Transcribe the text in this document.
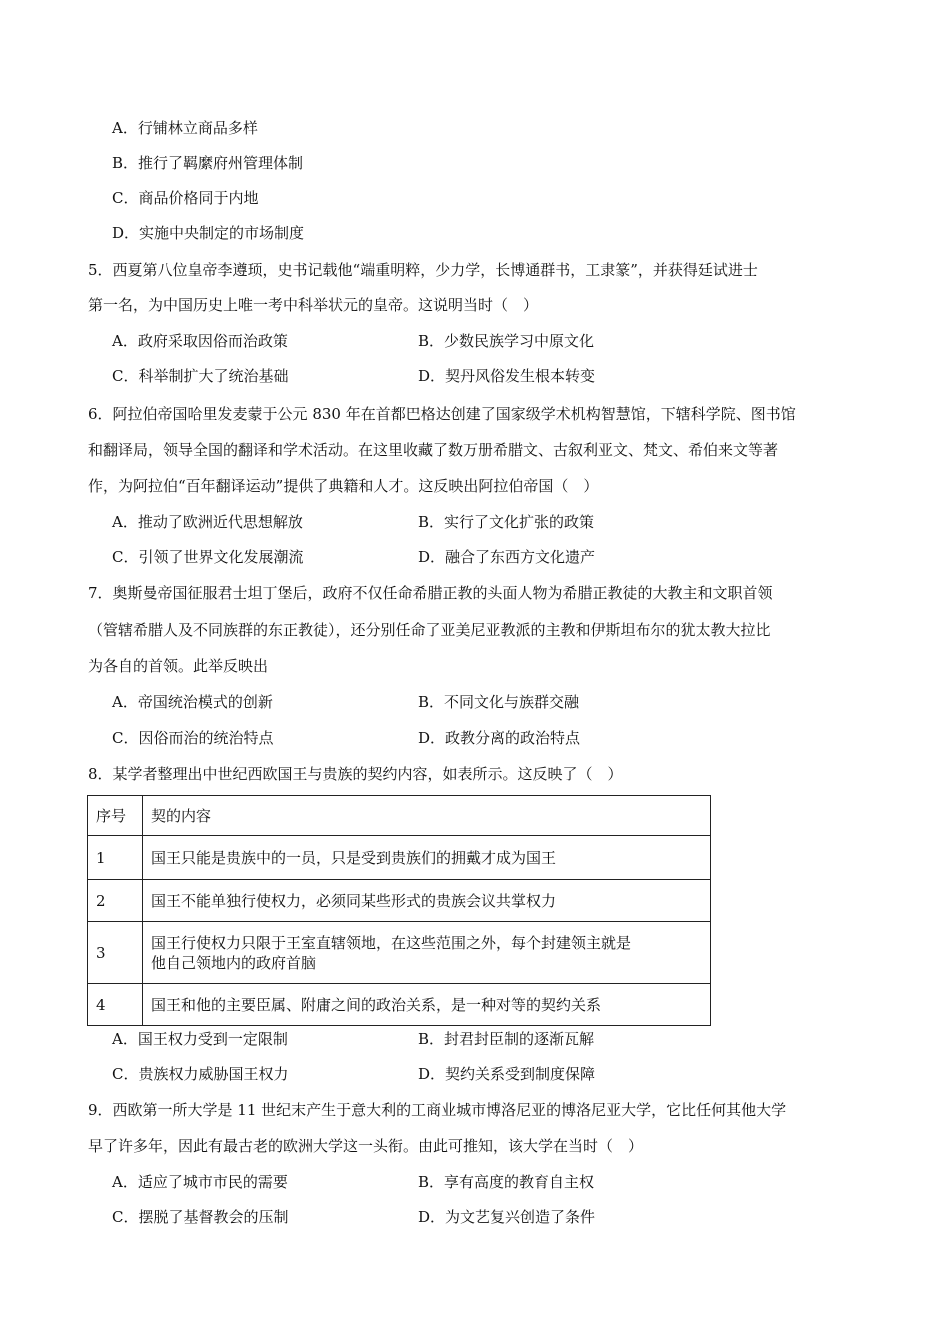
A．行铺林立商品多样
B．推行了羁縻府州管理体制
C．商品价格同于内地
D．实施中央制定的市场制度
5．西夏第八位皇帝李遵顼，史书记载他“端重明粹，少力学，长博通群书，工隶篆”，并获得廷试进士
第一名，为中国历史上唯一考中科举状元的皇帝。这说明当时（　）
A．政府采取因俗而治政策	B．少数民族学习中原文化
C．科举制扩大了统治基础	D．契丹风俗发生根本转变
6．阿拉伯帝国哈里发麦蒙于公元 830 年在首都巴格达创建了国家级学术机构智慧馆，下辖科学院、图书馆
和翻译局，领导全国的翻译和学术活动。在这里收藏了数万册希腊文、古叙利亚文、梵文、希伯来文等著
作，为阿拉伯“百年翻译运动”提供了典籍和人才。这反映出阿拉伯帝国（　）
A．推动了欧洲近代思想解放	B．实行了文化扩张的政策
C．引领了世界文化发展潮流	D．融合了东西方文化遗产
7．奥斯曼帝国征服君士坦丁堡后，政府不仅任命希腊正教的头面人物为希腊正教徒的大教主和文职首领
（管辖希腊人及不同族群的东正教徒），还分别任命了亚美尼亚教派的主教和伊斯坦布尔的犹太教大拉比
为各自的首领。此举反映出
A．帝国统治模式的创新	B．不同文化与族群交融
C．因俗而治的统治特点	D．政教分离的政治特点
8．某学者整理出中世纪西欧国王与贵族的契约内容，如表所示。这反映了（　）
序号	契的内容
1	国王只能是贵族中的一员，只是受到贵族们的拥戴才成为国王
2	国王不能单独行使权力，必须同某些形式的贵族会议共掌权力
3	国王行使权力只限于王室直辖领地，在这些范围之外，每个封建领主就是
他自己领地内的政府首脑

4	国王和他的主要臣属、附庸之间的政治关系，是一种对等的契约关系
A．国王权力受到一定限制	B．封君封臣制的逐渐瓦解
C．贵族权力威胁国王权力	D．契约关系受到制度保障
9．西欧第一所大学是 11 世纪末产生于意大利的工商业城市博洛尼亚的博洛尼亚大学，它比任何其他大学
早了许多年，因此有最古老的欧洲大学这一头衔。由此可推知，该大学在当时（　）
A．适应了城市市民的需要	B．享有高度的教育自主权
C．摆脱了基督教会的压制	D．为文艺复兴创造了条件
